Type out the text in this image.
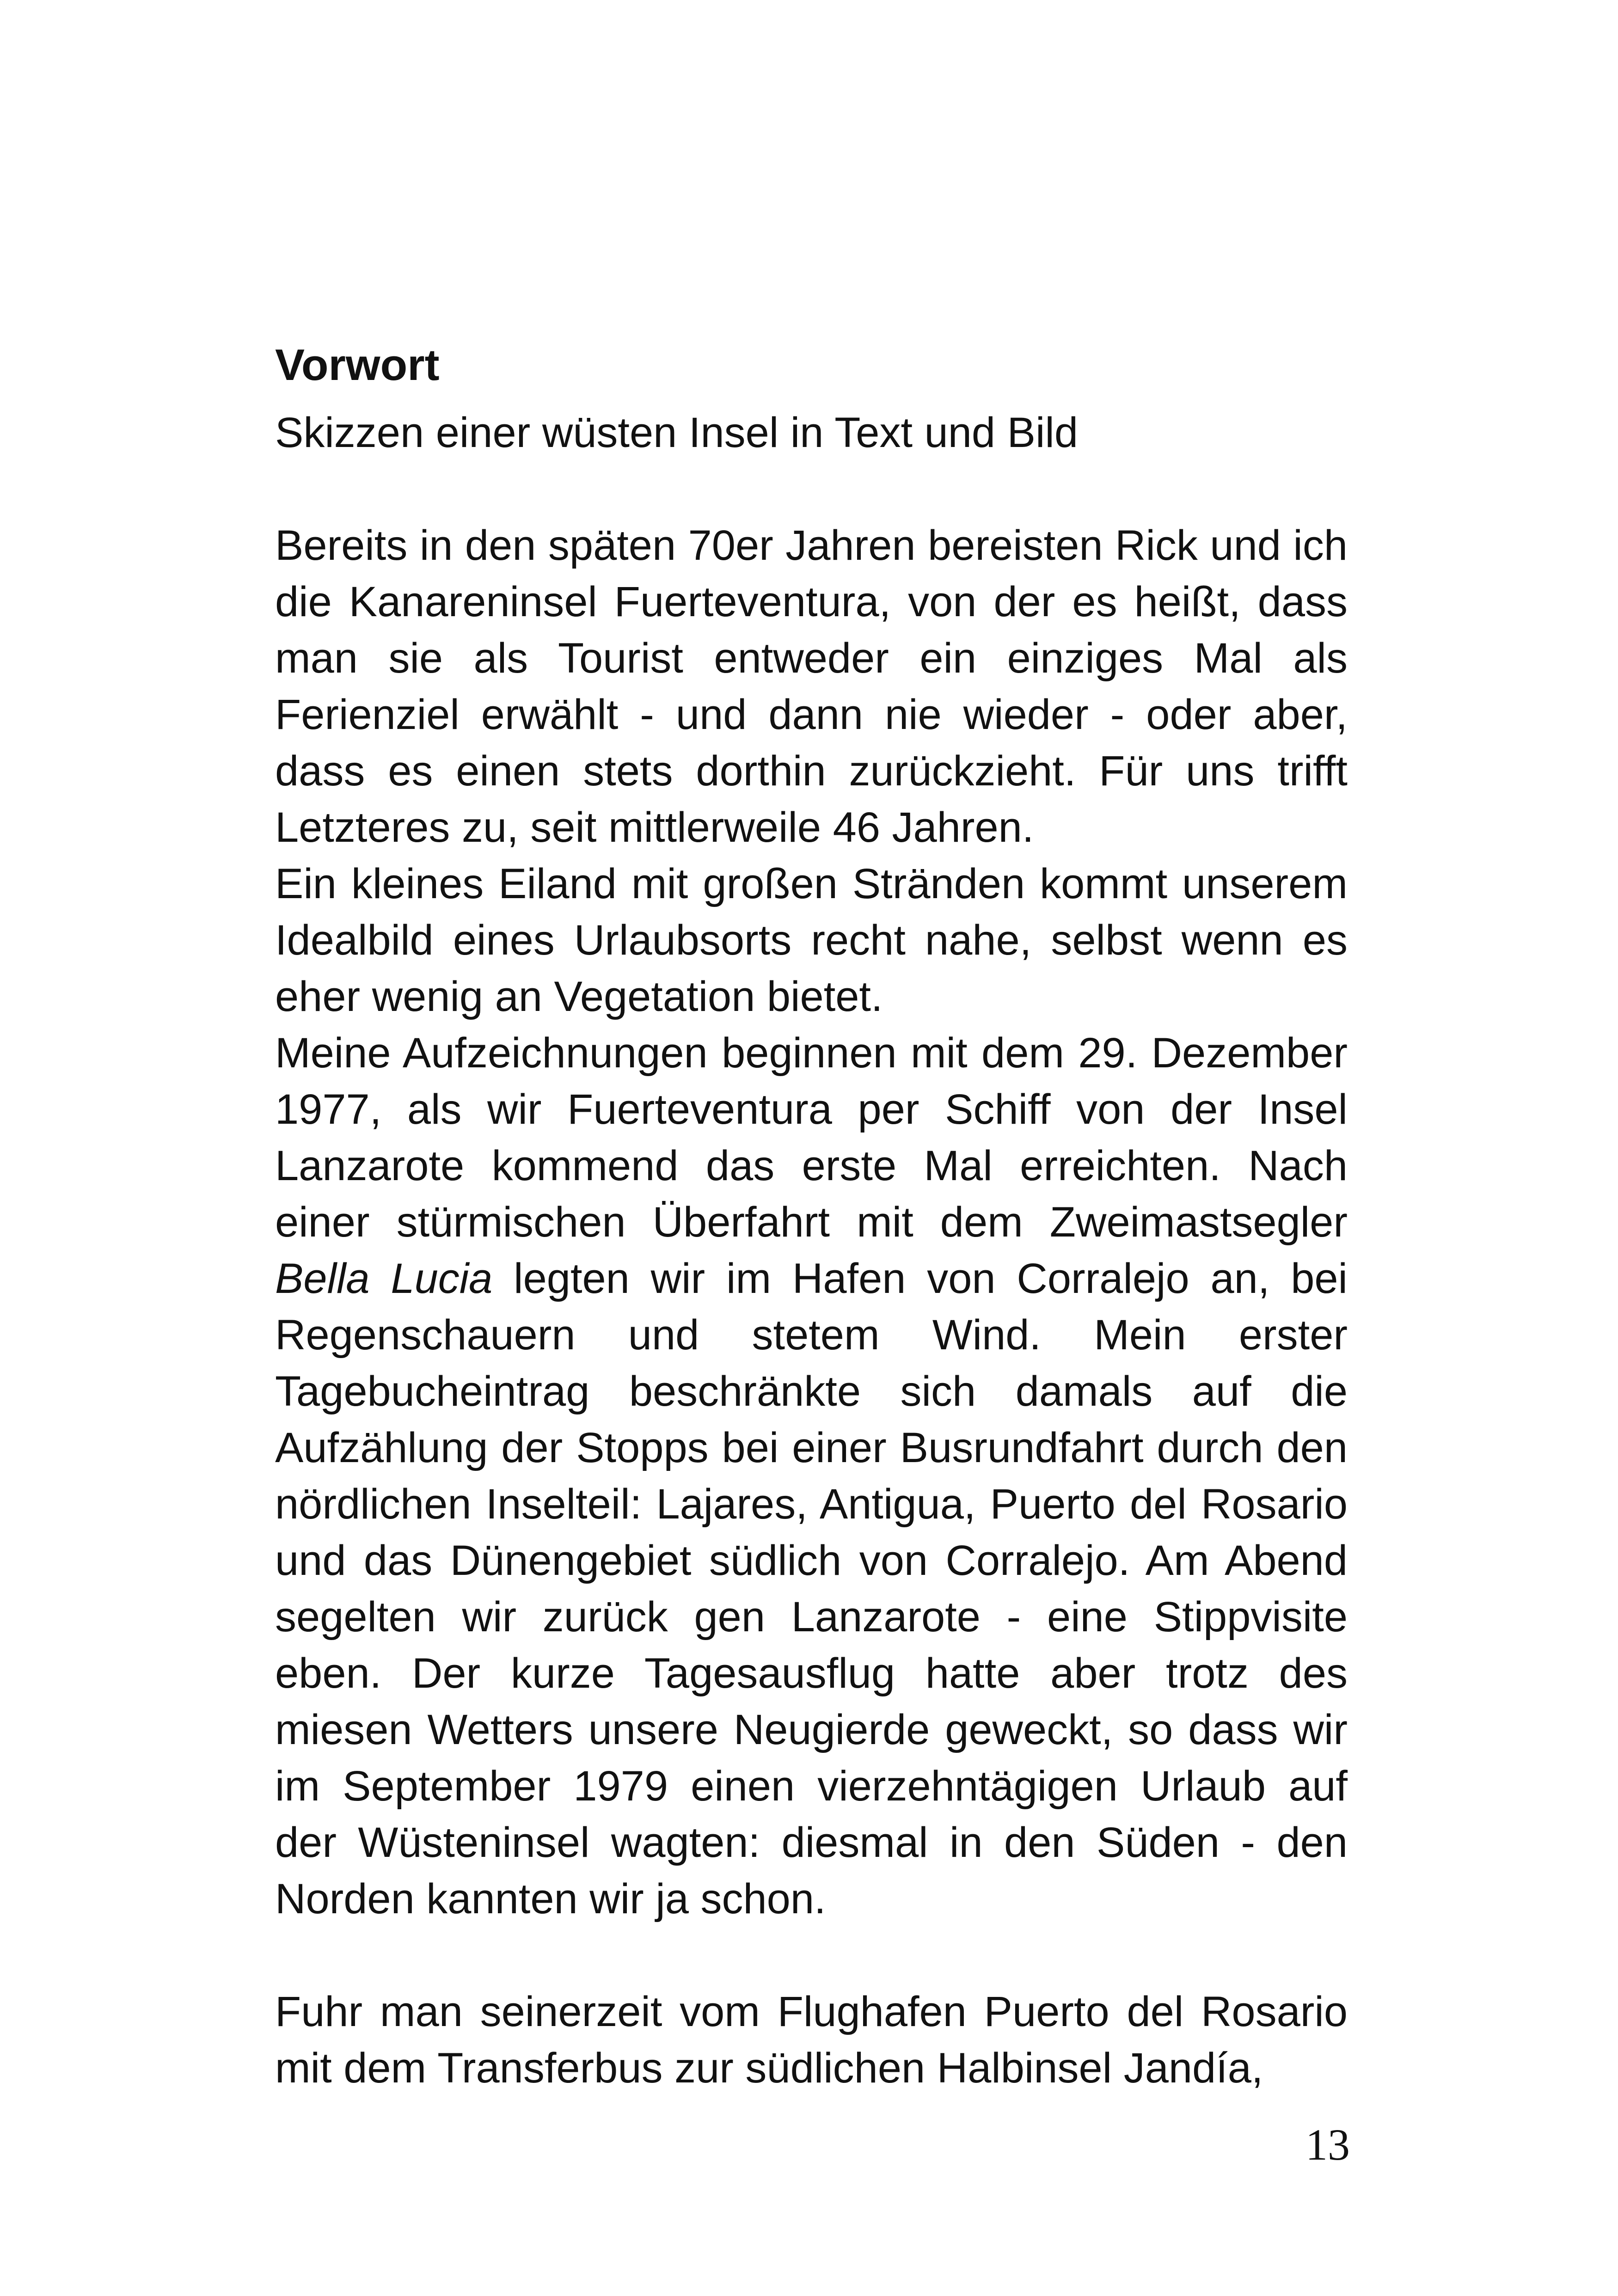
Vorwort

Skizzen einer wüsten Insel in Text und Bild

Bereits in den späten 70er Jahren bereisten Rick und ich die Kanareninsel Fuerteventura, von der es heißt, dass man sie als Tourist entweder ein einziges Mal als Ferienziel erwählt - und dann nie wieder - oder aber, dass es einen stets dorthin zurückzieht. Für uns trifft Letzteres zu, seit mittlerweile 46 Jahren.

Ein kleines Eiland mit großen Stränden kommt unserem Idealbild eines Urlaubsorts recht nahe, selbst wenn es eher wenig an Vegetation bietet.

Meine Aufzeichnungen beginnen mit dem 29. Dezember 1977, als wir Fuerteventura per Schiff von der Insel Lanzarote kommend das erste Mal erreichten. Nach einer stürmischen Überfahrt mit dem Zweimastsegler Bella Lucia legten wir im Hafen von Corralejo an, bei Regenschauern und stetem Wind. Mein erster Tagebucheintrag beschränkte sich damals auf die Aufzählung der Stopps bei einer Busrundfahrt durch den nördlichen Inselteil: Lajares, Antigua, Puerto del Rosario und das Dünengebiet südlich von Corralejo. Am Abend segelten wir zurück gen Lanzarote - eine Stippvisite eben. Der kurze Tagesausflug hatte aber trotz des miesen Wetters unsere Neugierde geweckt, so dass wir im September 1979 einen vierzehntägigen Urlaub auf der Wüsteninsel wagten: diesmal in den Süden - den Norden kannten wir ja schon.

Fuhr man seinerzeit vom Flughafen Puerto del Rosario mit dem Transferbus zur südlichen Halbinsel Jandía,

13
